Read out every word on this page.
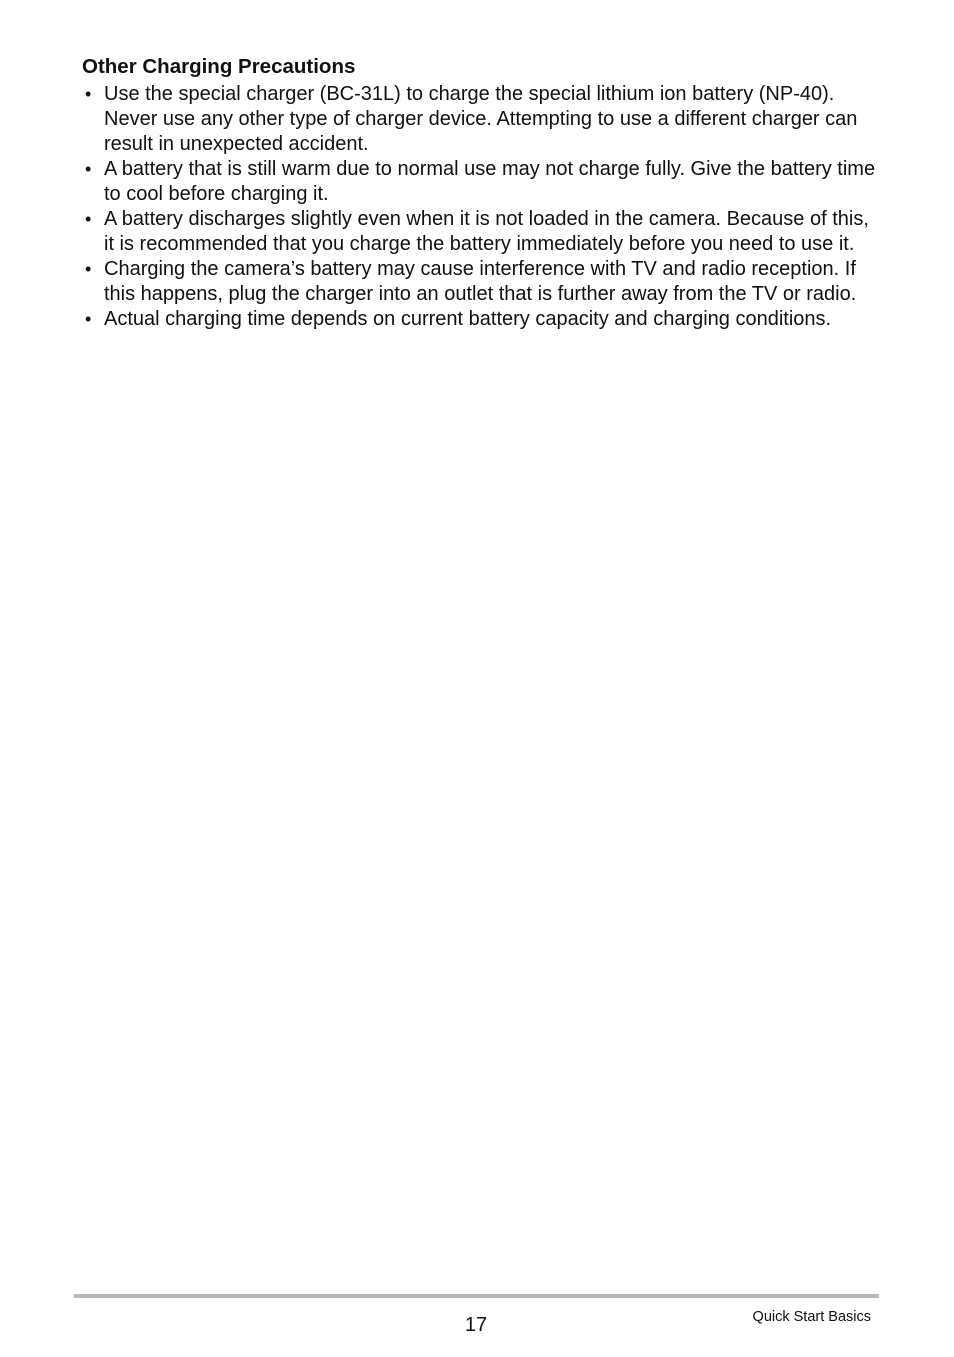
Other Charging Precautions
• Use the special charger (BC-31L) to charge the special lithium ion battery (NP-40). Never use any other type of charger device. Attempting to use a different charger can result in unexpected accident.
• A battery that is still warm due to normal use may not charge fully. Give the battery time to cool before charging it.
• A battery discharges slightly even when it is not loaded in the camera. Because of this, it is recommended that you charge the battery immediately before you need to use it.
• Charging the camera’s battery may cause interference with TV and radio reception. If this happens, plug the charger into an outlet that is further away from the TV or radio.
• Actual charging time depends on current battery capacity and charging conditions.
17	Quick Start Basics
